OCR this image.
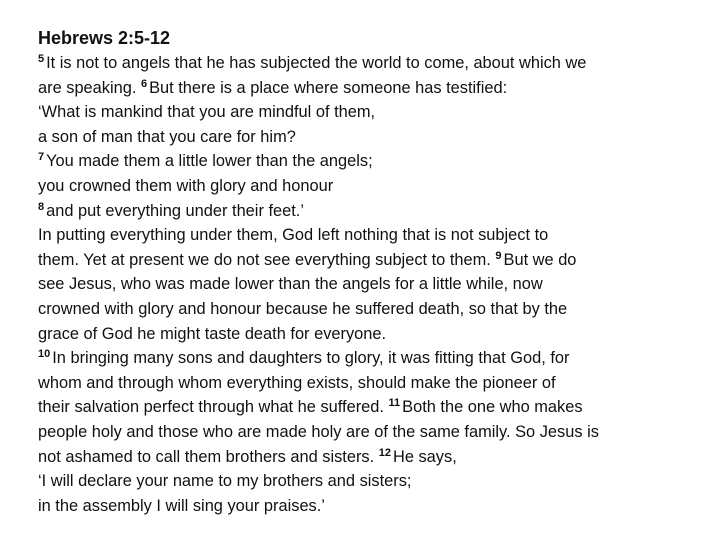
Hebrews 2:5-12
$^5$ It is not to angels that he has subjected the world to come, about which we
are speaking. $^6$ But there is a place where someone has testified:
‘What is mankind that you are mindful of them,
a son of man that you care for him?
$^7$ You made them a little lower than the angels;
you crowned them with glory and honour
$^8$ and put everything under their feet.’
In putting everything under them, God left nothing that is not subject to
them. Yet at present we do not see everything subject to them. $^9$ But we do
see Jesus, who was made lower than the angels for a little while, now
crowned with glory and honour because he suffered death, so that by the
grace of God he might taste death for everyone.
$^{10}$ In bringing many sons and daughters to glory, it was fitting that God, for
whom and through whom everything exists, should make the pioneer of
their salvation perfect through what he suffered. $^{11}$ Both the one who makes
people holy and those who are made holy are of the same family. So Jesus is
not ashamed to call them brothers and sisters. $^{12}$ He says,
‘I will declare your name to my brothers and sisters;
in the assembly I will sing your praises.’
